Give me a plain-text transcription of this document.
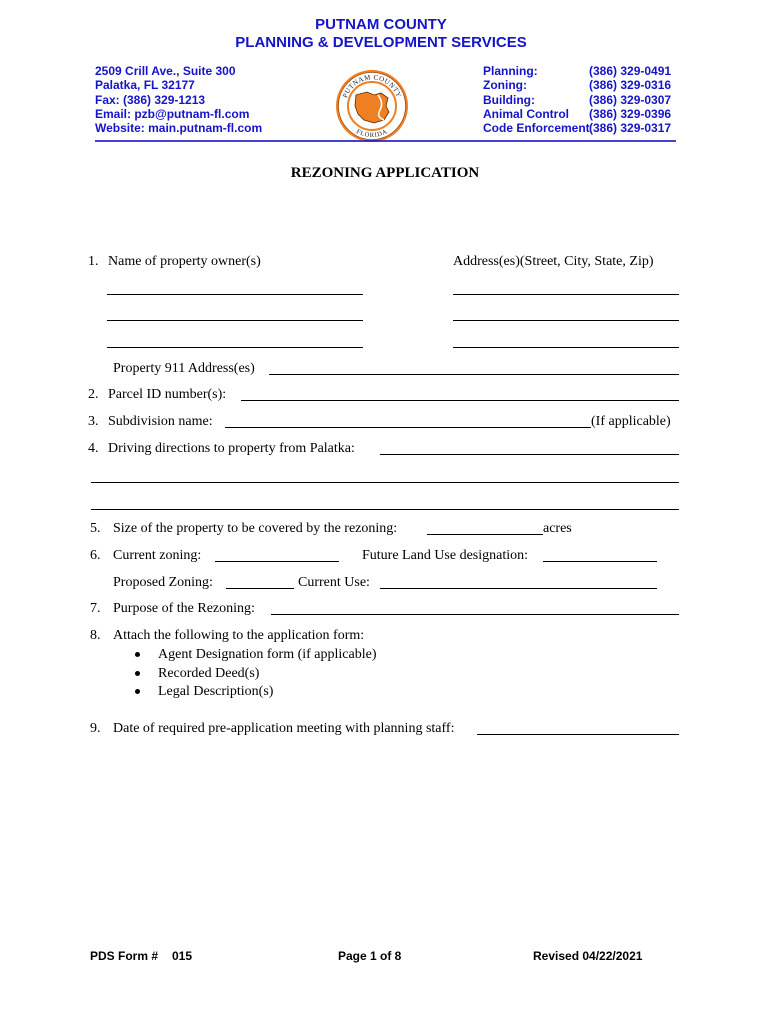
PUTNAM COUNTY
PLANNING & DEVELOPMENT SERVICES
2509 Crill Ave., Suite 300
Palatka, FL 32177
Fax: (386) 329-1213
Email: pzb@putnam-fl.com
Website: main.putnam-fl.com
PUTNAM COUNTY
FLORIDA
Planning:	(386) 329-0491
Zoning:	(386) 329-0316
Building:	(386) 329-0307
Animal Control (386) 329-0396
Code Enforcement (386) 329-0317
REZONING APPLICATION
1. Name of property owner(s)	Address(es)(Street, City, State, Zip)
Property 911 Address(es)
2. Parcel ID number(s):
3. Subdivision name:	(If applicable)
4. Driving directions to property from Palatka:
5. Size of the property to be covered by the rezoning:	acres
6. Current zoning:	Future Land Use designation:
Proposed Zoning:	Current Use:
7. Purpose of the Rezoning:
8. Attach the following to the application form:
Agent Designation form (if applicable)
Recorded Deed(s)
Legal Description(s)
9. Date of required pre-application meeting with planning staff:
PDS Form # 015	Page 1 of 8	Revised 04/22/2021
